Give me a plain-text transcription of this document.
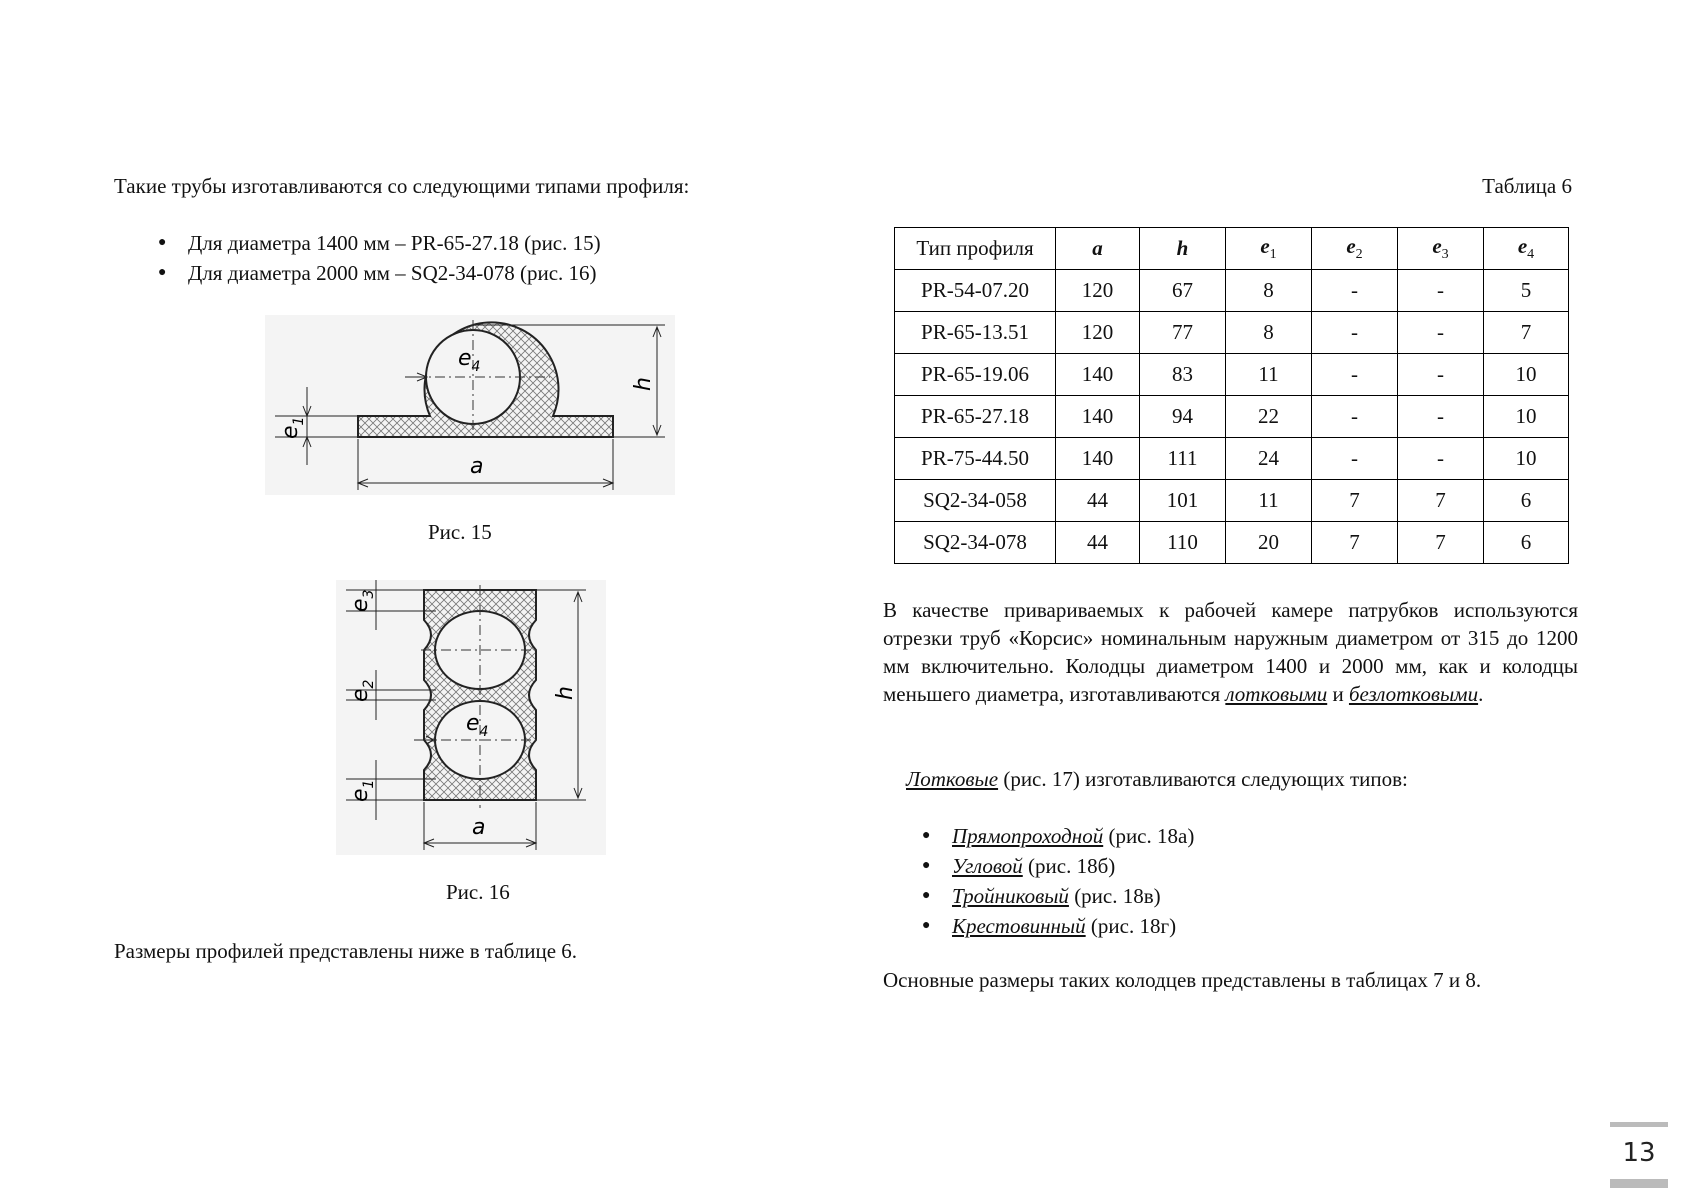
Такие трубы изготавливаются со следующими типами профиля:
● Для диаметра 1400 мм – PR-65-27.18 (рис. 15)
● Для диаметра 2000 мм – SQ2-34-078 (рис. 16)
$e_4$
h
$e_1$
a
Рис. 15
$e_3$
$e_2$
$e_1$
$e_4$
h
a
Рис. 16
Размеры профилей представлены ниже в таблице 6.
Таблица 6
Тип профиля	a	h	$e_1$	$e_2$	$e_3$	$e_4$
PR-54-07.20	120	67	8	-	-	5
PR-65-13.51	120	77	8	-	-	7
PR-65-19.06	140	83	11	-	-	10
PR-65-27.18	140	94	22	-	-	10
PR-75-44.50	140	111	24	-	-	10
SQ2-34-058	44	101	11	7	7	6
SQ2-34-078	44	110	20	7	7	6
В качестве привариваемых к рабочей камере патрубков используются отрезки труб «Корсис» номинальным наружным диаметром от 315 до 1200 мм включительно. Колодцы диаметром 1400 и 2000 мм, как и колодцы меньшего диаметра, изготавливаются лотковыми и безлотковыми.
Лотковые (рис. 17) изготавливаются следующих типов:
● Прямопроходной (рис. 18а)
● Угловой (рис. 18б)
● Тройниковый (рис. 18в)
● Крестовинный (рис. 18г)
Основные размеры таких колодцев представлены в таблицах 7 и 8.
13
